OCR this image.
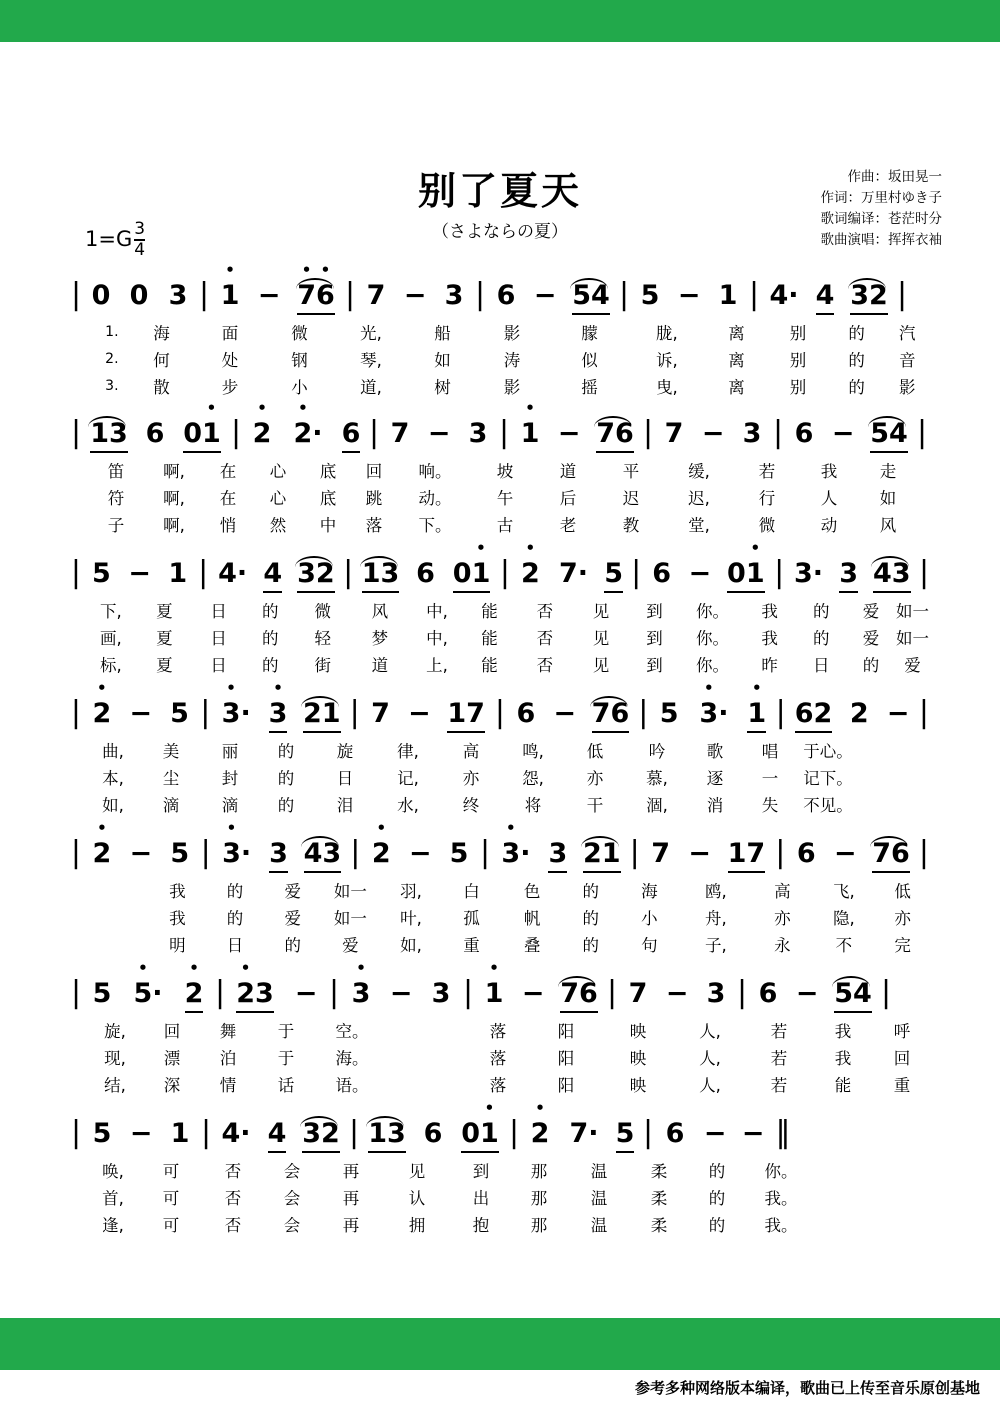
别了夏天
（さよならの夏）
作曲：坂田晃一
作词：万里村ゆき子
歌词编译：苍茫时分
歌曲演唱：挥挥衣袖
$1=G \frac{3}{4}$
| 0 0 3 | • 1 − • 7• 6 | 7 − 3 | 6 − 54 | 5 − 1 | 4· 4 32 |
1.	海	面	微	光,	船	影	朦	胧,	离	别	的	汽
2.	何	处	钢	琴,	如	涛	似	诉,	离	别	的	音
3.	散	步	小	道,	树	影	摇	曳,	离	别	的	影
| 13 6 0• 1 | • 2 • 2· 6 | 7 − 3 | • 1 − 76 | 7 − 3 | 6 − 54 |
笛	啊,	在	心	底	回	响。	坡	道	平	缓,	若	我	走
符	啊,	在	心	底	跳	动。	午	后	迟	迟,	行	人	如
子	啊,	悄	然	中	落	下。	古	老	教	堂,	微	动	风
| 5 − 1 | 4· 4 32 | 13 6 0• 1 | • 2 7· 5 | 6 − 0• 1 | 3· 3 43 |
下,	夏	日	的	微	风	中,	能	否	见	到	你。	我	的	爱	如一
画,	夏	日	的	轻	梦	中,	能	否	见	到	你。	我	的	爱	如一
标,	夏	日	的	街	道	上,	能	否	见	到	你。	昨	日	的	爱
| • 2 − 5 | • 3· • 3 21 | 7 − 17 | 6 − 76 | 5 • 3· • 1 | 62 2 − |
曲,	美	丽	的	旋	律,	高	鸣,	低	吟	歌	唱	于心。
本,	尘	封	的	日	记,	亦	怨,	亦	慕,	逐	一	记下。
如,	滴	滴	的	泪	水,	终	将	干	涸,	消	失	不见。
| • 2 − 5 | • 3· 3 43 | • 2 − 5 | • 3· 3 21 | 7 − 17 | 6 − 76 |
我	的	爱	如一	羽,	白	色	的	海	鸥,	高	飞,	低
我	的	爱	如一	叶,	孤	帆	的	小	舟,	亦	隐,	亦
明	日	的	爱	如,	重	叠	的	句	子,	永	不	完
| 5 • 5· • 2 | • 23 − | • 3 − 3 | • 1 − 76 | 7 − 3 | 6 − 54 |
旋,	回	舞	于	空。	落	阳	映	人,	若	我	呼
现,	漂	泊	于	海。	落	阳	映	人,	若	我	回
结,	深	情	话	语。	落	阳	映	人,	若	能	重
| 5 − 1 | 4· 4 32 | 13 6 0• 1 | • 2 7· 5 | 6 − − ‖
唤,	可	否	会	再	见	到	那	温	柔	的	你。
首,	可	否	会	再	认	出	那	温	柔	的	我。
逢,	可	否	会	再	拥	抱	那	温	柔	的	我。
参考多种网络版本编译，歌曲已上传至音乐原创基地
